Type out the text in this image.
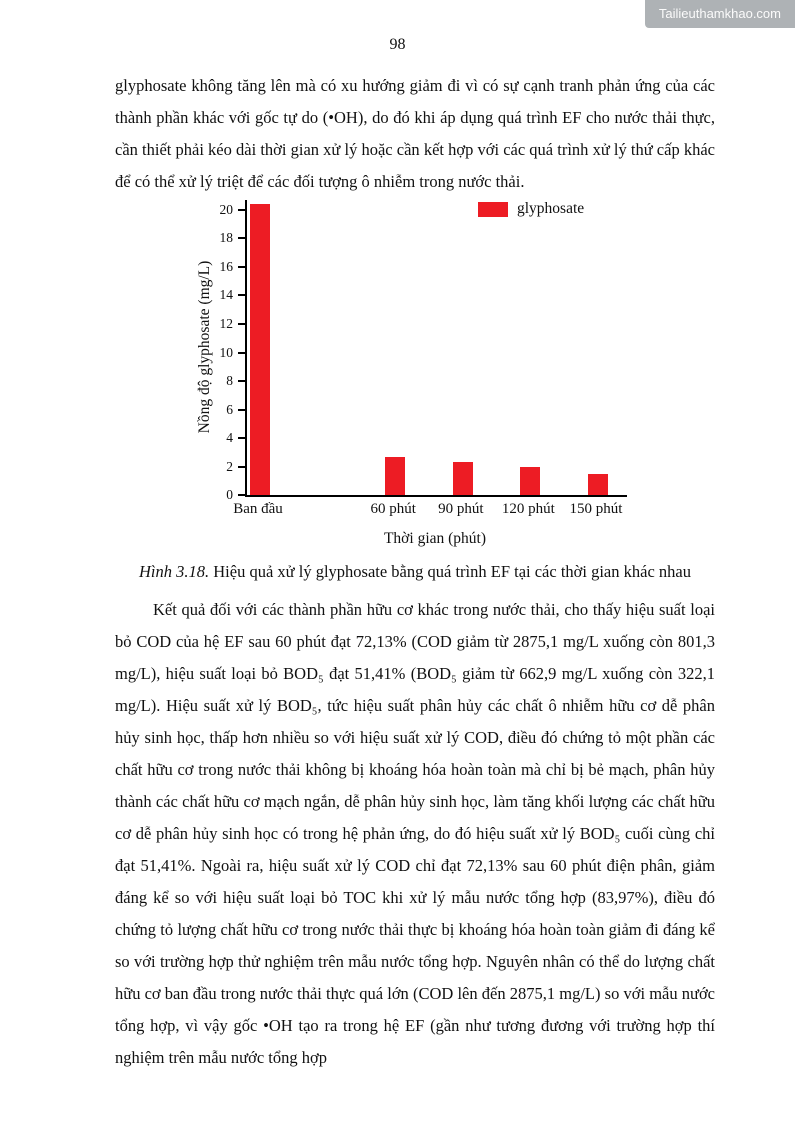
Tailieuthamkhao.com
98

glyphosate không tăng lên mà có xu hướng giảm đi vì có sự cạnh tranh phản ứng của các thành phần khác với gốc tự do (•OH), do đó khi áp dụng quá trình EF cho nước thải thực, cần thiết phải kéo dài thời gian xử lý hoặc cần kết hợp với các quá trình xử lý thứ cấp khác để có thể xử lý triệt để các đối tượng ô nhiễm trong nước thải.

Nồng độ glyphosate (mg/L)
0
2
4
6
8
10
12
14
16
18
20	glyphosate
Ban đầu	60 phút	90 phút	120 phút 150 phút
Thời gian (phút)
Hình 3.18. Hiệu quả xử lý glyphosate bằng quá trình EF tại các thời gian khác nhau

Kết quả đối với các thành phần hữu cơ khác trong nước thải, cho thấy hiệu suất loại bỏ COD của hệ EF sau 60 phút đạt 72,13% (COD giảm từ 2875,1 mg/L xuống còn 801,3 mg/L), hiệu suất loại bỏ BOD₅ đạt 51,41% (BOD₅ giảm từ 662,9 mg/L xuống còn 322,1 mg/L). Hiệu suất xử lý BOD₅, tức hiệu suất phân hủy các chất ô nhiễm hữu cơ dễ phân hủy sinh học, thấp hơn nhiều so với hiệu suất xử lý COD, điều đó chứng tỏ một phần các chất hữu cơ trong nước thải không bị khoáng hóa hoàn toàn mà chỉ bị bẻ mạch, phân hủy thành các chất hữu cơ mạch ngắn, dễ phân hủy sinh học, làm tăng khối lượng các chất hữu cơ dễ phân hủy sinh học có trong hệ phản ứng, do đó hiệu suất xử lý BOD₅ cuối cùng chỉ đạt 51,41%. Ngoài ra, hiệu suất xử lý COD chỉ đạt 72,13% sau 60 phút điện phân, giảm đáng kể so với hiệu suất loại bỏ TOC khi xử lý mẫu nước tổng hợp (83,97%), điều đó chứng tỏ lượng chất hữu cơ trong nước thải thực bị khoáng hóa hoàn toàn giảm đi đáng kể so với trường hợp thử nghiệm trên mẫu nước tổng hợp. Nguyên nhân có thể do lượng chất hữu cơ ban đầu trong nước thải thực quá lớn (COD lên đến 2875,1 mg/L) so với mẫu nước tổng hợp, vì vậy gốc •OH tạo ra trong hệ EF (gần như tương đương với trường hợp thí nghiệm trên mẫu nước tổng hợp
